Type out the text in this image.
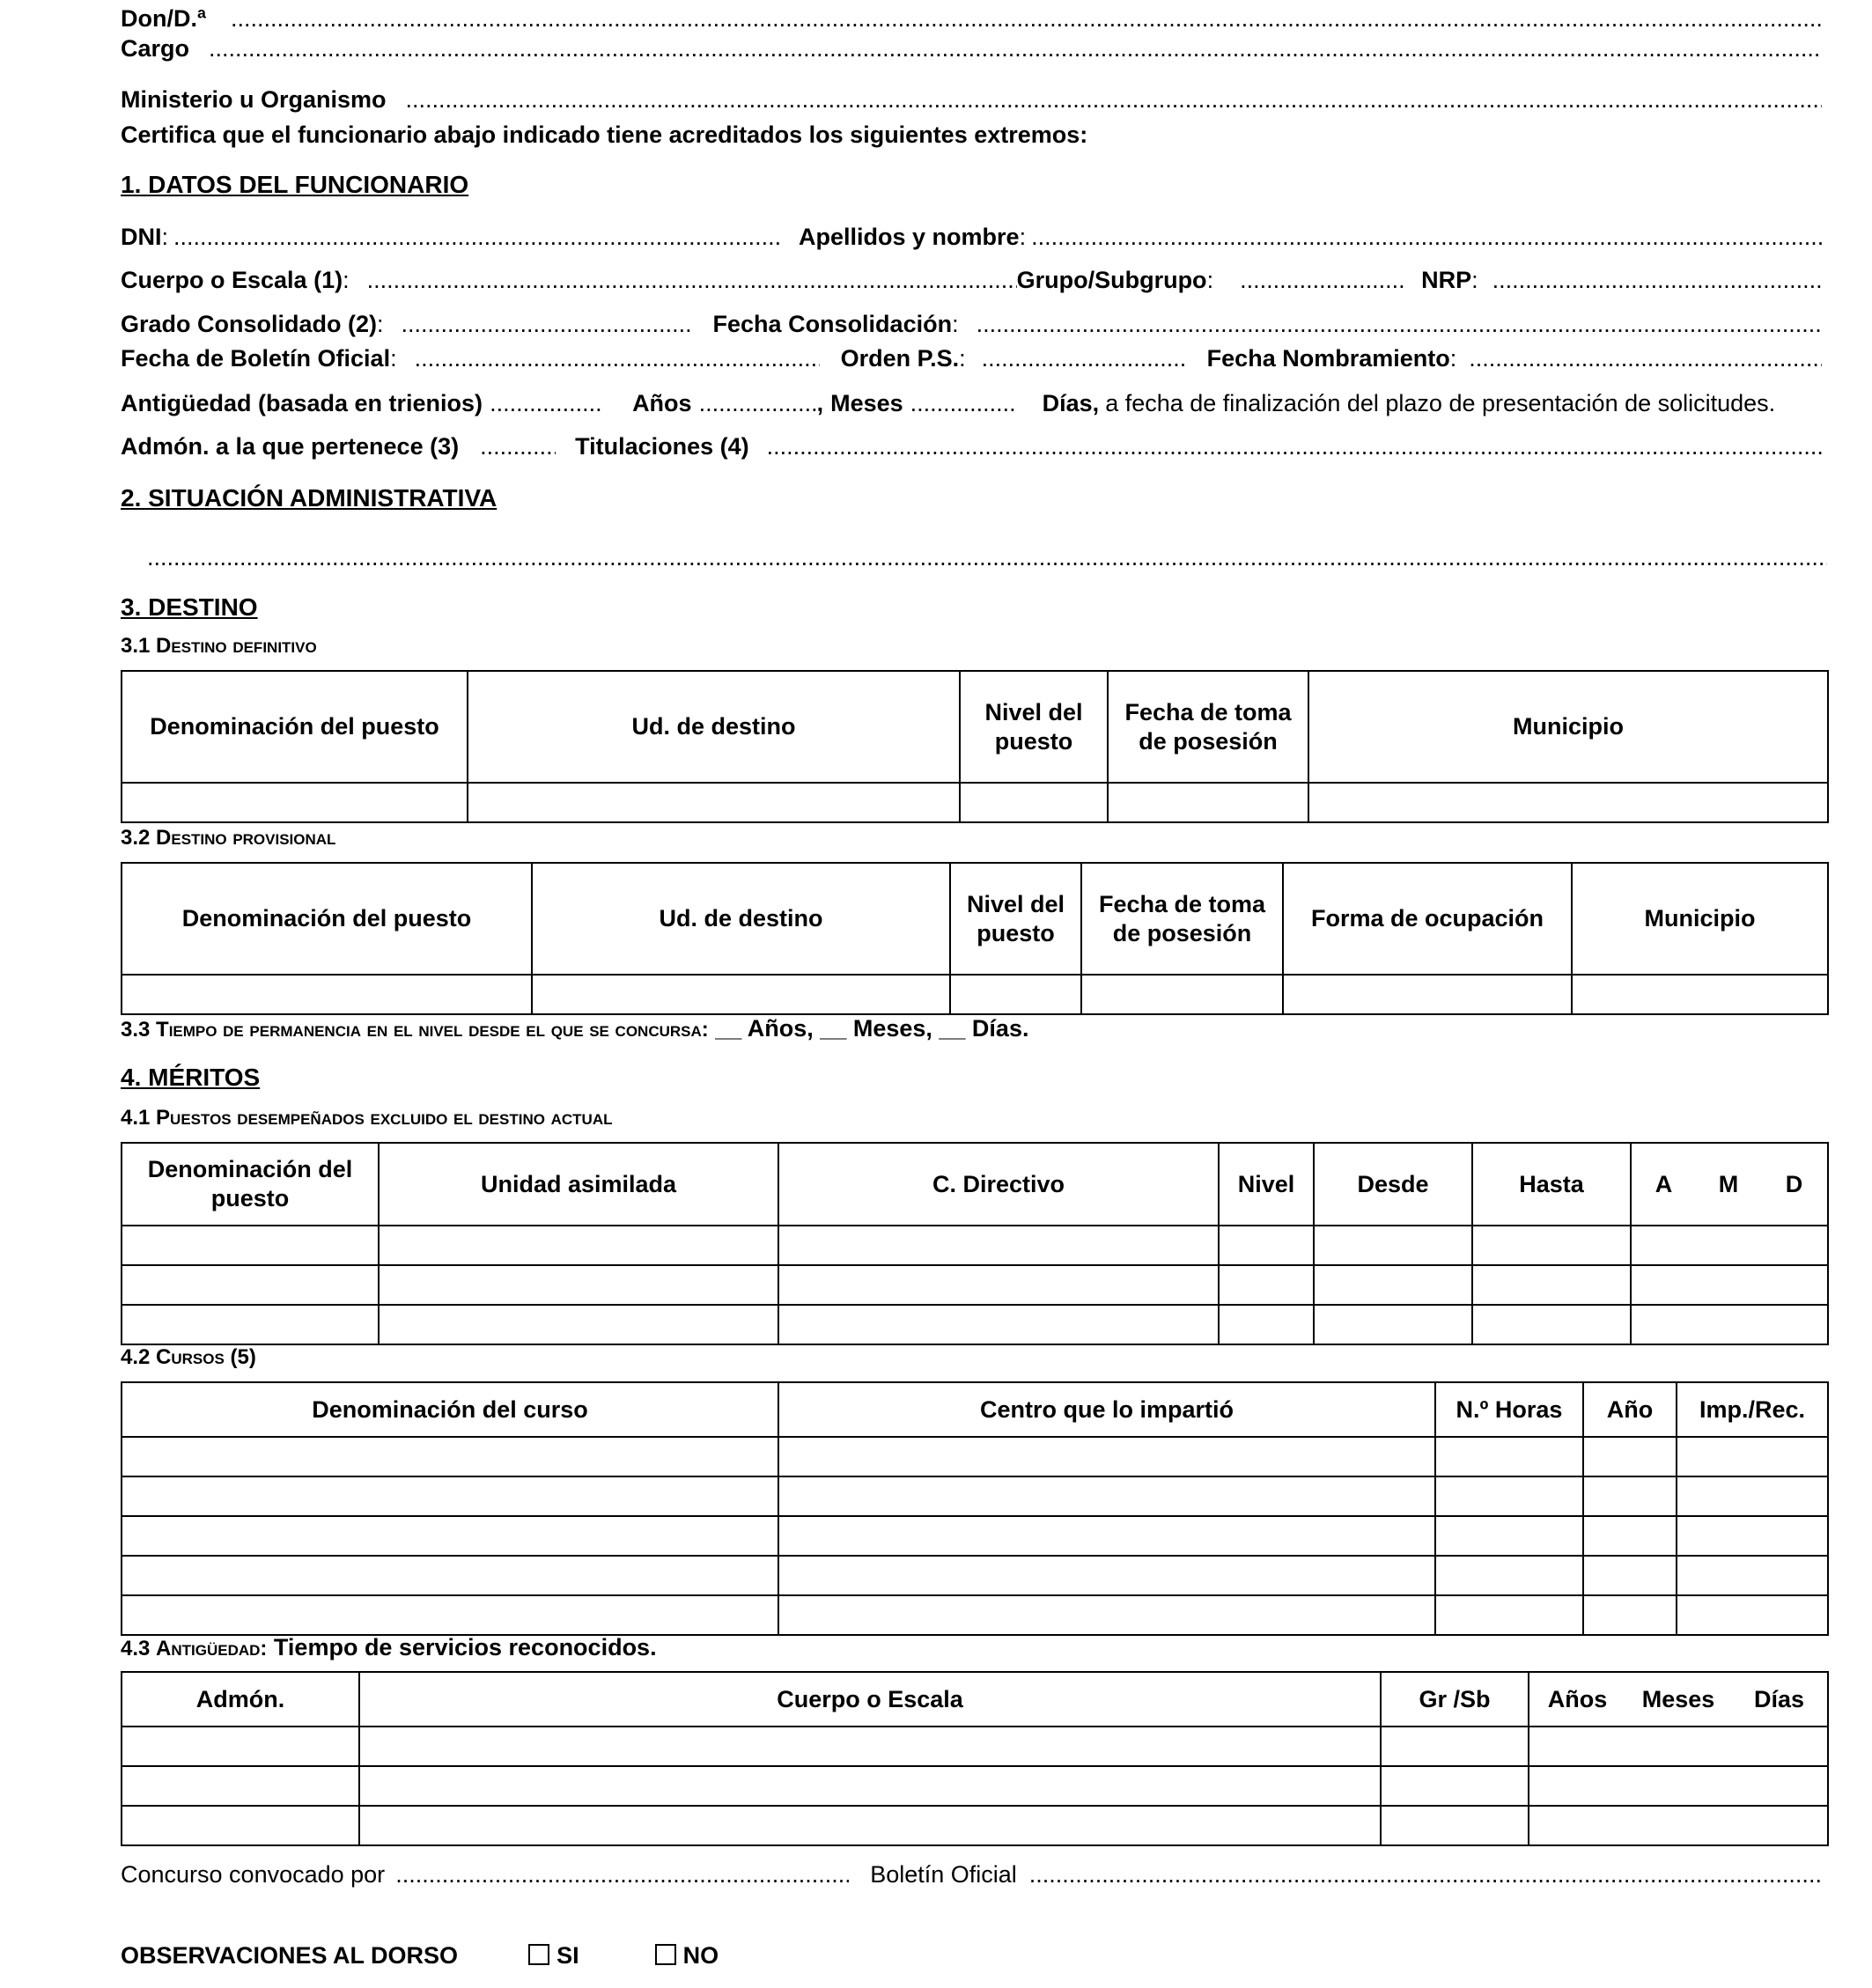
Don/D.ª
.....
Cargo
.....
Ministerio u Organismo
.....
Certifica que el funcionario abajo indicado tiene acreditados los siguientes extremos:
1. DATOS DEL FUNCIONARIO
DNI : .....	Apellidos y nombre :
.....
Cuerpo o Escala (1) : .....	Grupo/Subgrupo : .....	NRP :
.....
Grado Consolidado (2) : .....	Fecha Consolidación :
.....
Fecha de Boletín Oficial : .....	Orden P.S. : .....	Fecha Nombramiento :
.....
Antigüedad (basada en trienios) .....	Años .....	, Meses .....	Días, a fecha de finalización del plazo de presentación de solicitudes.
Admón. a la que pertenece (3) .....	Titulaciones (4)
.....
2. SITUACIÓN ADMINISTRATIVA
.....
3. DESTINO
3.1 Destino definitivo
Denominación del puesto	Ud. de destino	Nivel del puesto	Fecha de toma de posesión	Municipio

3.2 Destino provisional
Denominación del puesto	Ud. de destino	Nivel del puesto	Fecha de toma de posesión	Forma de ocupación	Municipio

3.3 Tiempo de permanencia en el nivel desde el que se concursa: __ Años, __ Meses, __ Días.
4. MÉRITOS
4.1 Puestos desempeñados excluido el destino actual
Denominación del puesto	Unidad asimilada	C. Directivo	Nivel	Desde	Hasta	A	M	D

4.2 Cursos (5)
Denominación del curso	Centro que lo impartió	N.º Horas	Año	Imp./Rec.

4.3 Antigüedad: Tiempo de servicios reconocidos.
Admón.	Cuerpo o Escala	Gr /Sb	Años	Meses	Días

Concurso convocado por .....	Boletín Oficial
.....
OBSERVACIONES AL DORSO	SI	NO
